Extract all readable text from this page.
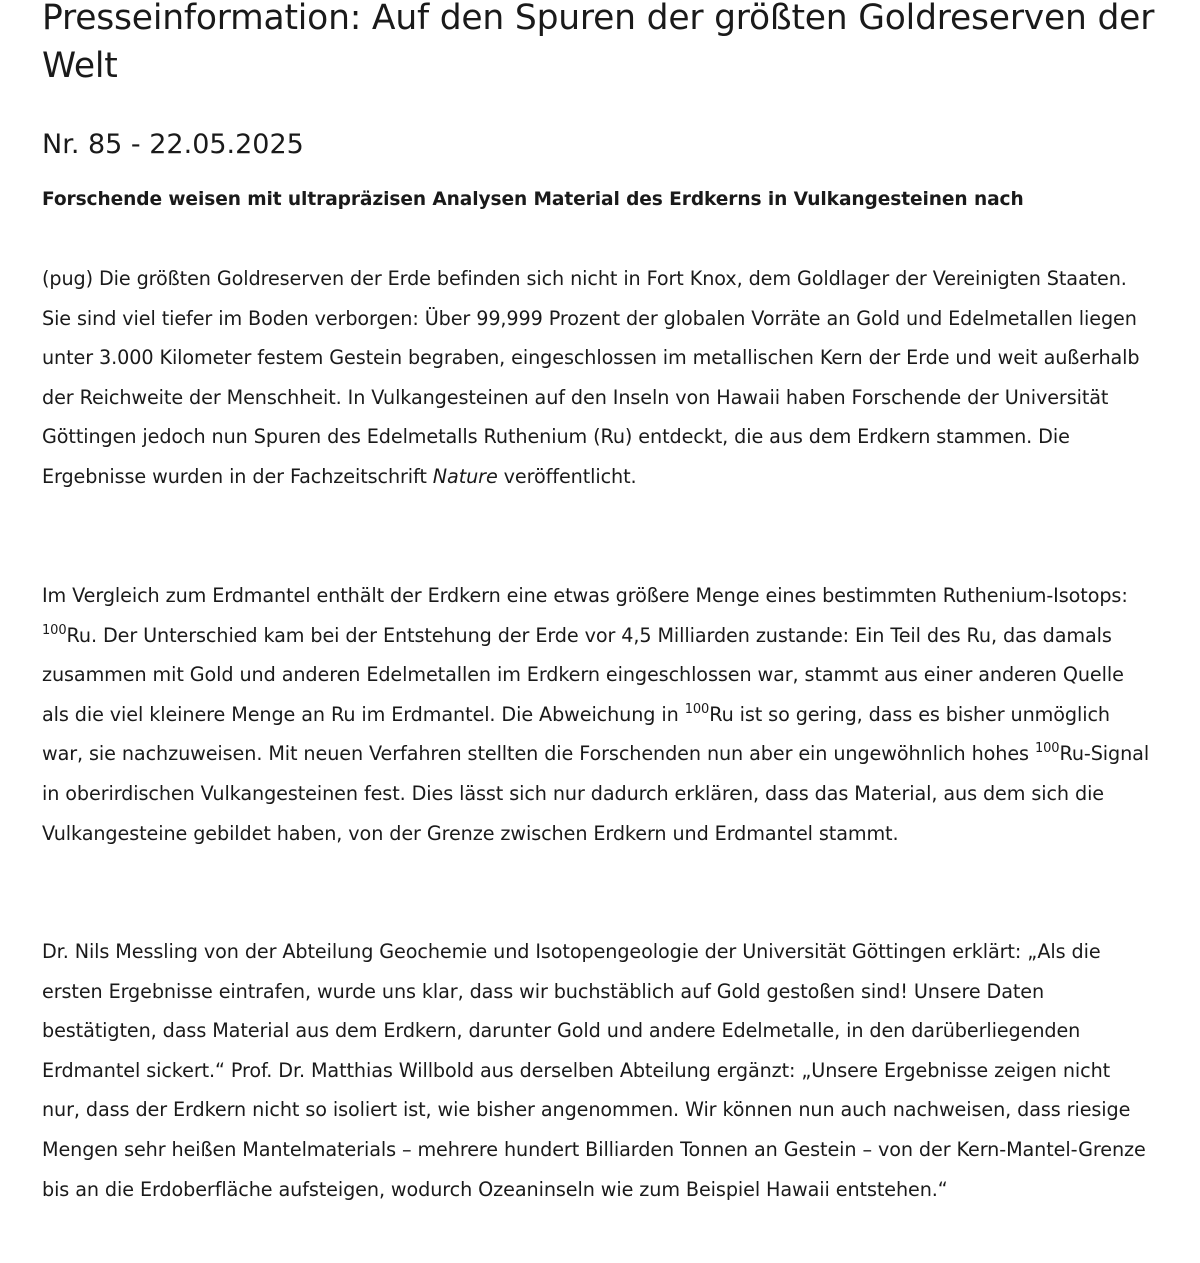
Presseinformation: Auf den Spuren der größten Goldreserven der Welt
Nr. 85 - 22.05.2025

Forschende weisen mit ultrapräzisen Analysen Material des Erdkerns in Vulkangesteinen nach

(pug) Die größten Goldreserven der Erde befinden sich nicht in Fort Knox, dem Goldlager der Vereinigten Staaten. Sie sind viel tiefer im Boden verborgen: Über 99,999 Prozent der globalen Vorräte an Gold und Edelmetallen liegen unter 3.000 Kilometer festem Gestein begraben, eingeschlossen im metallischen Kern der Erde und weit außerhalb der Reichweite der Menschheit. In Vulkangesteinen auf den Inseln von Hawaii haben Forschende der Universität Göttingen jedoch nun Spuren des Edelmetalls Ruthenium (Ru) entdeckt, die aus dem Erdkern stammen. Die Ergebnisse wurden in der Fachzeitschrift Nature veröffentlicht.

Im Vergleich zum Erdmantel enthält der Erdkern eine etwas größere Menge eines bestimmten Ruthenium-Isotops: $^{100}$Ru. Der Unterschied kam bei der Entstehung der Erde vor 4,5 Milliarden zustande: Ein Teil des Ru, das damals zusammen mit Gold und anderen Edelmetallen im Erdkern eingeschlossen war, stammt aus einer anderen Quelle als die viel kleinere Menge an Ru im Erdmantel. Die Abweichung in $^{100}$Ru ist so gering, dass es bisher unmöglich war, sie nachzuweisen. Mit neuen Verfahren stellten die Forschenden nun aber ein ungewöhnlich hohes $^{100}$Ru-Signal in oberirdischen Vulkangesteinen fest. Dies lässt sich nur dadurch erklären, dass das Material, aus dem sich die Vulkangesteine gebildet haben, von der Grenze zwischen Erdkern und Erdmantel stammt.

Dr. Nils Messling von der Abteilung Geochemie und Isotopengeologie der Universität Göttingen erklärt: „Als die ersten Ergebnisse eintrafen, wurde uns klar, dass wir buchstäblich auf Gold gestoßen sind! Unsere Daten bestätigten, dass Material aus dem Erdkern, darunter Gold und andere Edelmetalle, in den darüberliegenden Erdmantel sickert.“ Prof. Dr. Matthias Willbold aus derselben Abteilung ergänzt: „Unsere Ergebnisse zeigen nicht nur, dass der Erdkern nicht so isoliert ist, wie bisher angenommen. Wir können nun auch nachweisen, dass riesige Mengen sehr heißen Mantelmaterials – mehrere hundert Billiarden Tonnen an Gestein – von der Kern-Mantel-Grenze bis an die Erdoberfläche aufsteigen, wodurch Ozeaninseln wie zum Beispiel Hawaii entstehen.“
